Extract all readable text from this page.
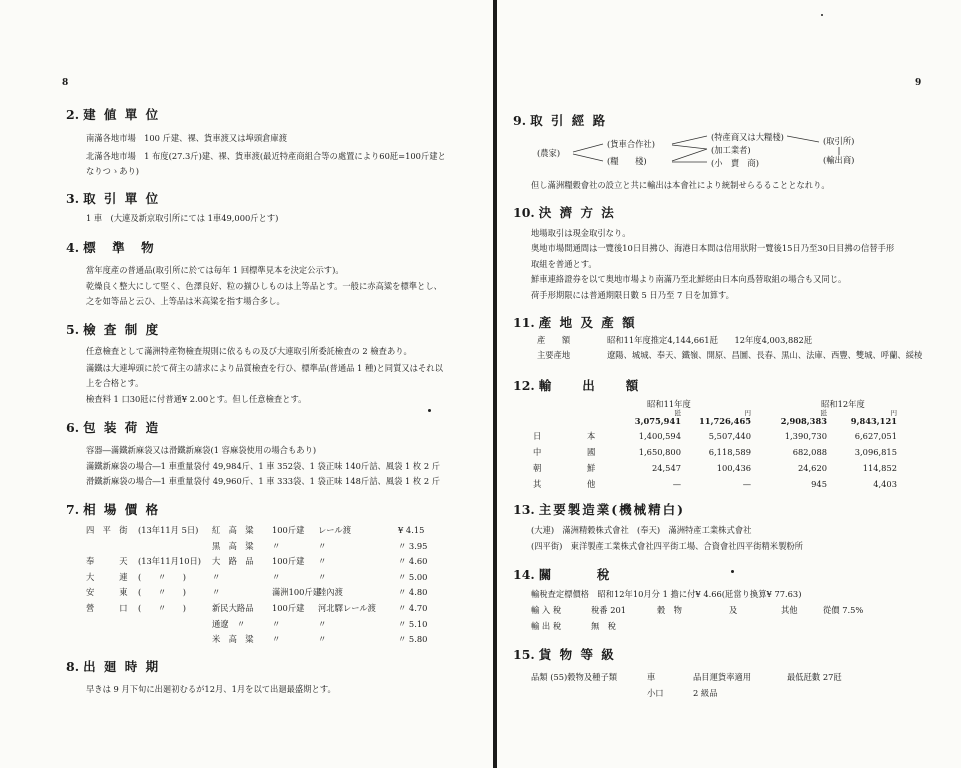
8
2. 建 値 單 位
南滿各地市場　100 斤建、裸、貨車渡又は埠頭倉庫渡
北滿各地市場　1 布度(27.3斤)建、裸、貨車渡(最近特產商組合等の處置により60瓩=100斤建と
なりつゝあり)
3. 取 引 單 位
1 車　(大連及新京取引所にては 1車49,000斤とす)
4. 標　準　物
當年度產の普通品(取引所に於ては毎年 1 回標準見本を決定公示す)。
乾燥良く整大にして堅く、色澤良好、粒の揃ひしものは上等品とす。一般に赤高粱を標準とし、
之を如等品と云ひ、上等品は米高粱を指す場合多し。
5. 檢 査 制 度
任意檢査として滿洲特產物檢査規則に依るもの及び大連取引所委託檢査の 2 檢査あり。
滿鐵は大連埠頭に於て荷主の請求により品質檢査を行ひ、標準品(普通品 1 種)と同質又はそれ以
上を合格とす。
檢査料 1 口30瓩に付普通¥ 2.00とす。但し任意檢査とす。
6. 包 装 荷 造
容器―滿鐵新麻袋又は滑鐵新麻袋(1 容麻袋使用の場合もあり)
滿鐵新麻袋の場合―1 車重量袋付 49,984斤、1 車 352袋、1 袋正味 140斤詰、風袋 1 枚 2 斤
滑鐵新麻袋の場合―1 車重量袋付 49,960斤、1 車 333袋、1 袋正味 148斤詰、風袋 1 枚 2 斤
7. 相 場 價 格
四　平　街 (13年11月 5日) 紅　高　粱 100斤建 レール渡	¥ 4.15
黒　高　粱 〃	〃	〃 3.95
奉　　　天 (13年11月10日) 大　路　品 100斤建 〃	〃 4.60
大　　　連 (　　〃　　)	〃	〃	〃	〃 5.00
安　　　東 (　　〃　　)	〃	滿洲100斤建
陸內渡	〃 4.80
營　　　口 (　　〃　　)	新民大路品 100斤建 河北驛レール渡	〃 4.70
通遼　〃	〃	〃	〃 5.10
米　高　粱 〃	〃	〃 5.80
8. 出 廻 時 期
早きは 9 月下旬に出廻初むるが12月、1月を以て出廻最盛期とす。
9
9. 取 引 經 路
(農家)
(貨車合作社)
(糧　　棧)
(特產商又は大糧棧)
(加工業者)
(小　賣　商)
(取引所)
(輸出商)
但し滿洲糧穀會社の設立と共に輸出は本會社により統制せらるることとなれり。
10. 決 濟 方 法
地場取引は現金取引なり。
奥地市場間通間は一覽後10日目拂ひ、海港日本間は信用狀附一覽後15日乃至30日目拂の信替手形
取組を普通とす。
鮮車連絡證券を以て奥地市場より南滿乃至北鮮經由日本向爲替取組の場合も又同じ。
荷手形期限には普通期限日數 5 日乃至 7 日を加算す。
11. 產 地 及 產 額
產　　額	昭和11年度推定4,144,661瓩　　12年度4,003,882瓩
主要產地	遼陽、城城、奉天、鐵嶺、開原、昌圖、長春、黒山、法庫、西豐、雙城、呼蘭、綏棱
12. 輸　　出　　額
昭和11年度	昭和12年度
瓩	円	瓩	円
3,075,941	11,726,465	2,908,383	9,843,121
日	本	1,400,594	5,507,440	1,390,730	6,627,051
中	國	1,650,800	6,118,589	682,088	3,096,815
朝	鮮	24,547	100,436	24,620	114,852
其	他	—	—	945	4,403
13. 主要製造業(機械精白)
(大連)　滿洲精穀株式會社　(奉天)　滿洲特產工業株式會社
(四平街)　東洋製產工業株式會社四平街工場、合資會社四平街精米製粉所
14. 關　　　稅
輸稅査定標價格　昭和12年10月分 1 擔に付¥ 4.66(瓩當り換算¥ 77.63)
輸 入 稅	稅番 201	穀　物	及	其他	從價 7.5%
輸 出 稅	無　稅
15. 貨 物 等 級
品類 (55)穀物及種子類	車	品目運貨率適用	最低瓩數 27瓩
小口	2 級品
